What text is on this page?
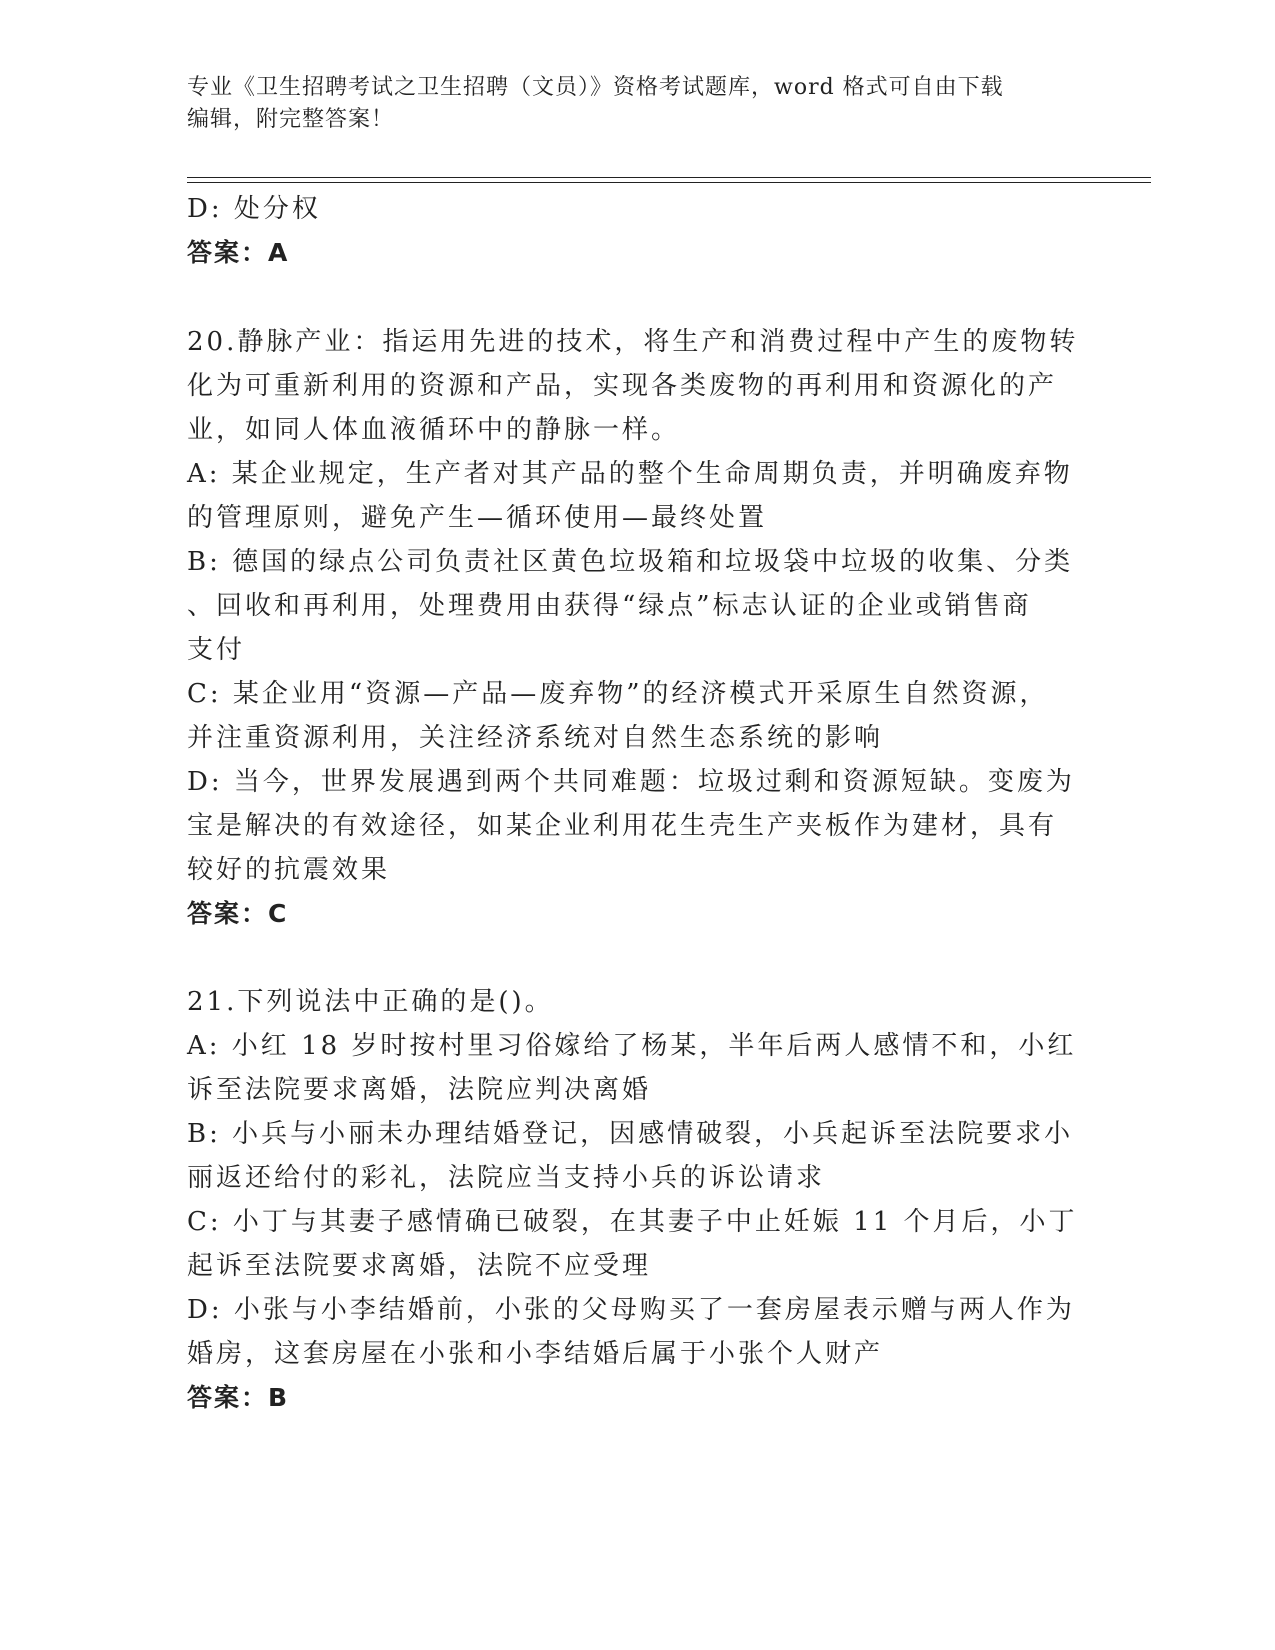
专业《卫生招聘考试之卫生招聘（文员）》资格考试题库，word 格式可自由下载
编辑，附完整答案！
D: 处分权
答案：A
20.静脉产业：指运用先进的技术，将生产和消费过程中产生的废物转
化为可重新利用的资源和产品，实现各类废物的再利用和资源化的产
业，如同人体血液循环中的静脉一样。
A: 某企业规定，生产者对其产品的整个生命周期负责，并明确废弃物
的管理原则，避免产生—循环使用—最终处置
B: 德国的绿点公司负责社区黄色垃圾箱和垃圾袋中垃圾的收集、分类
、回收和再利用，处理费用由获得“绿点”标志认证的企业或销售商
支付
C: 某企业用“资源—产品—废弃物”的经济模式开采原生自然资源，
并注重资源利用，关注经济系统对自然生态系统的影响
D: 当今，世界发展遇到两个共同难题：垃圾过剩和资源短缺。变废为
宝是解决的有效途径，如某企业利用花生壳生产夹板作为建材，具有
较好的抗震效果
答案：C
21.下列说法中正确的是()。
A: 小红 18 岁时按村里习俗嫁给了杨某，半年后两人感情不和，小红
诉至法院要求离婚，法院应判决离婚
B: 小兵与小丽未办理结婚登记，因感情破裂，小兵起诉至法院要求小
丽返还给付的彩礼，法院应当支持小兵的诉讼请求
C: 小丁与其妻子感情确已破裂，在其妻子中止妊娠 11 个月后，小丁
起诉至法院要求离婚，法院不应受理
D: 小张与小李结婚前，小张的父母购买了一套房屋表示赠与两人作为
婚房，这套房屋在小张和小李结婚后属于小张个人财产
答案：B
